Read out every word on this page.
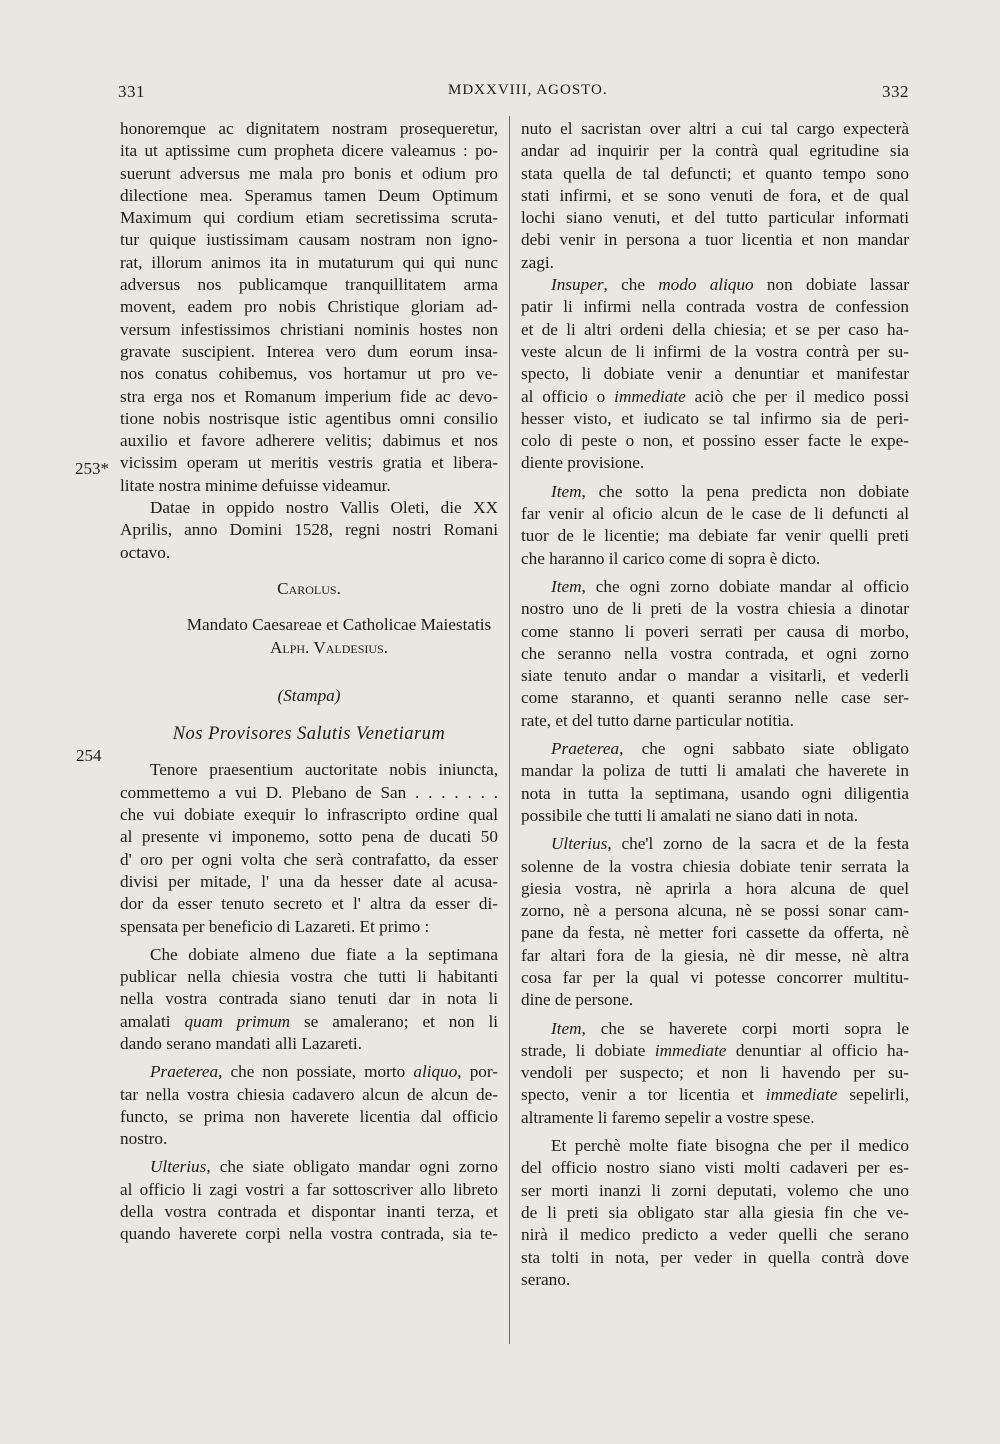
331	MDXXVIII, AGOSTO.	332
253*
254
honoremque ac dignitatem nostram prosequeretur,
ita ut aptissime cum propheta dicere valeamus : po-
suerunt adversus me mala pro bonis et odium pro
dilectione mea. Speramus tamen Deum Optimum
Maximum qui cordium etiam secretissima scruta-
tur quique iustissimam causam nostram non igno-
rat, illorum animos ita in mutaturum qui qui nunc
adversus nos publicamque tranquillitatem arma
movent, eadem pro nobis Christique gloriam ad-
versum infestissimos christiani nominis hostes non
gravate suscipient. Interea vero dum eorum insa-
nos conatus cohibemus, vos hortamur ut pro ve-
stra erga nos et Romanum imperium fide ac devo-
tione nobis nostrisque istic agentibus omni consilio
auxilio et favore adherere velitis; dabimus et nos
vicissim operam ut meritis vestris gratia et libera-
litate nostra minime defuisse videamur.
Datae in oppido nostro Vallis Oleti, die XX
Aprilis, anno Domini 1528, regni nostri Romani
octavo.
Carolus.
Mandato Caesareae et Catholicae Maiestatis
Alph. Valdesius.
(Stampa)
Nos Provisores Salutis Venetiarum
Tenore praesentium auctoritate nobis iniuncta,
commettemo a vui D. Plebano de San . . . . . . .
che vui dobiate exequir lo infrascripto ordine qual
al presente vi imponemo, sotto pena de ducati 50
d' oro per ogni volta che serà contrafatto, da esser
divisi per mitade, l' una da hesser date al acusa-
dor da esser tenuto secreto et l' altra da esser di-
spensata per beneficio di Lazareti. Et primo :
Che dobiate almeno due fiate a la septimana
publicar nella chiesia vostra che tutti li habitanti
nella vostra contrada siano tenuti dar in nota li
amalati quam primum se amalerano; et non li
dando serano mandati alli Lazareti.
Praeterea, che non possiate, morto aliquo, por-
tar nella vostra chiesia cadavero alcun de alcun de-
functo, se prima non haverete licentia dal officio
nostro.
Ulterius, che siate obligato mandar ogni zorno
al officio li zagi vostri a far sottoscriver allo libreto
della vostra contrada et dispontar inanti terza, et
quando haverete corpi nella vostra contrada, sia te-
nuto el sacristan over altri a cui tal cargo expecterà
andar ad inquirir per la contrà qual egritudine sia
stata quella de tal defuncti; et quanto tempo sono
stati infirmi, et se sono venuti de fora, et de qual
lochi siano venuti, et del tutto particular informati
debi venir in persona a tuor licentia et non mandar
zagi.
Insuper, che modo aliquo non dobiate lassar
patir li infirmi nella contrada vostra de confession
et de li altri ordeni della chiesia; et se per caso ha-
veste alcun de li infirmi de la vostra contrà per su-
specto, li dobiate venir a denuntiar et manifestar
al officio o immediate aciò che per il medico possi
hesser visto, et iudicato se tal infirmo sia de peri-
colo di peste o non, et possino esser facte le expe-
diente provisione.
Item, che sotto la pena predicta non dobiate
far venir al oficio alcun de le case de li defuncti al
tuor de le licentie; ma debiate far venir quelli preti
che haranno il carico come di sopra è dicto.
Item, che ogni zorno dobiate mandar al officio
nostro uno de li preti de la vostra chiesia a dinotar
come stanno li poveri serrati per causa di morbo,
che seranno nella vostra contrada, et ogni zorno
siate tenuto andar o mandar a visitarli, et vederli
come staranno, et quanti seranno nelle case ser-
rate, et del tutto darne particular notitia.
Praeterea, che ogni sabbato siate obligato
mandar la poliza de tutti li amalati che haverete in
nota in tutta la septimana, usando ogni diligentia
possibile che tutti li amalati ne siano dati in nota.
Ulterius, che'l zorno de la sacra et de la festa
solenne de la vostra chiesia dobiate tenir serrata la
giesia vostra, nè aprirla a hora alcuna de quel
zorno, nè a persona alcuna, nè se possi sonar cam-
pane da festa, nè metter fori cassette da offerta, nè
far altari fora de la giesia, nè dir messe, nè altra
cosa far per la qual vi potesse concorrer multitu-
dine de persone.
Item, che se haverete corpi morti sopra le
strade, li dobiate immediate denuntiar al officio ha-
vendoli per suspecto; et non li havendo per su-
specto, venir a tor licentia et immediate sepelirli,
altramente li faremo sepelir a vostre spese.
Et perchè molte fiate bisogna che per il medico
del officio nostro siano visti molti cadaveri per es-
ser morti inanzi li zorni deputati, volemo che uno
de li preti sia obligato star alla giesia fin che ve-
nirà il medico predicto a veder quelli che serano
sta tolti in nota, per veder in quella contrà dove
serano.
